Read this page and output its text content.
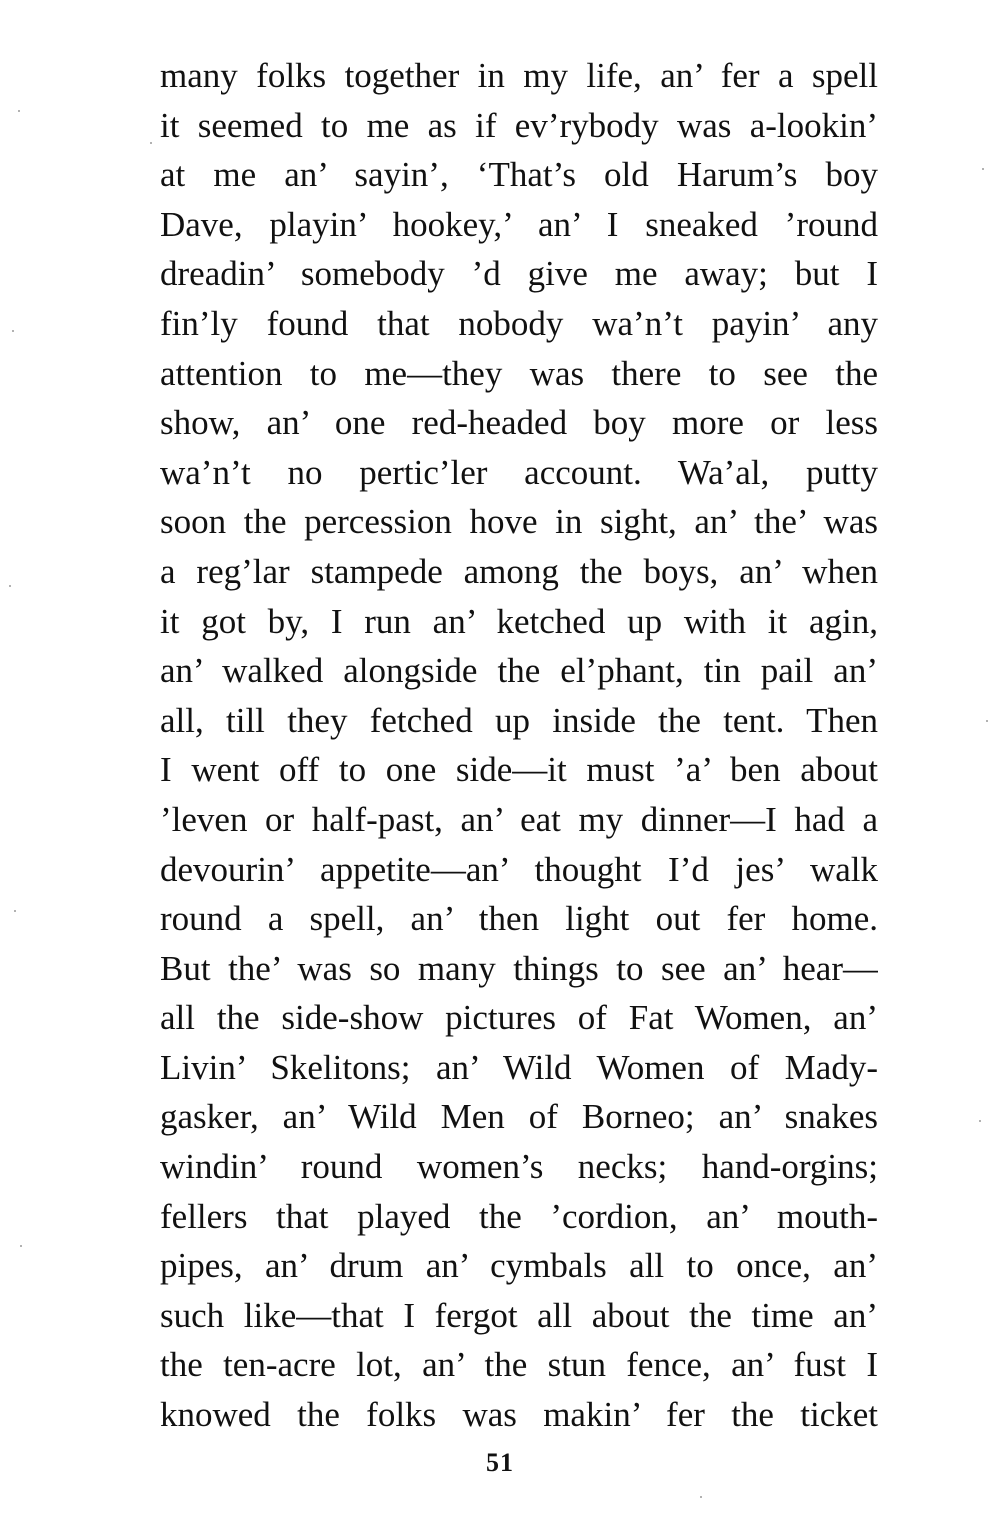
many folks together in my life, an’ fer a spell
it seemed to me as if ev’rybody was a-lookin’
at me an’ sayin’, ‘That’s old Harum’s boy
Dave, playin’ hookey,’ an’ I sneaked ’round
dreadin’ somebody ’d give me away; but I
fin’ly found that nobody wa’n’t payin’ any
attention to me—they was there to see the
show, an’ one red-headed boy more or less
wa’n’t no pertic’ler account. Wa’al, putty
soon the percession hove in sight, an’ the’ was
a reg’lar stampede among the boys, an’ when
it got by, I run an’ ketched up with it agin,
an’ walked alongside the el’phant, tin pail an’
all, till they fetched up inside the tent. Then
I went off to one side—it must ’a’ ben about
’leven or half-past, an’ eat my dinner—I had a
devourin’ appetite—an’ thought I’d jes’ walk
round a spell, an’ then light out fer home.
But the’ was so many things to see an’ hear—
all the side-show pictures of Fat Women, an’
Livin’ Skelitons; an’ Wild Women of Mady-
gasker, an’ Wild Men of Borneo; an’ snakes
windin’ round women’s necks; hand-orgins;
fellers that played the ’cordion, an’ mouth-
pipes, an’ drum an’ cymbals all to once, an’
such like—that I fergot all about the time an’
the ten-acre lot, an’ the stun fence, an’ fust I
knowed the folks was makin’ fer the ticket
51
